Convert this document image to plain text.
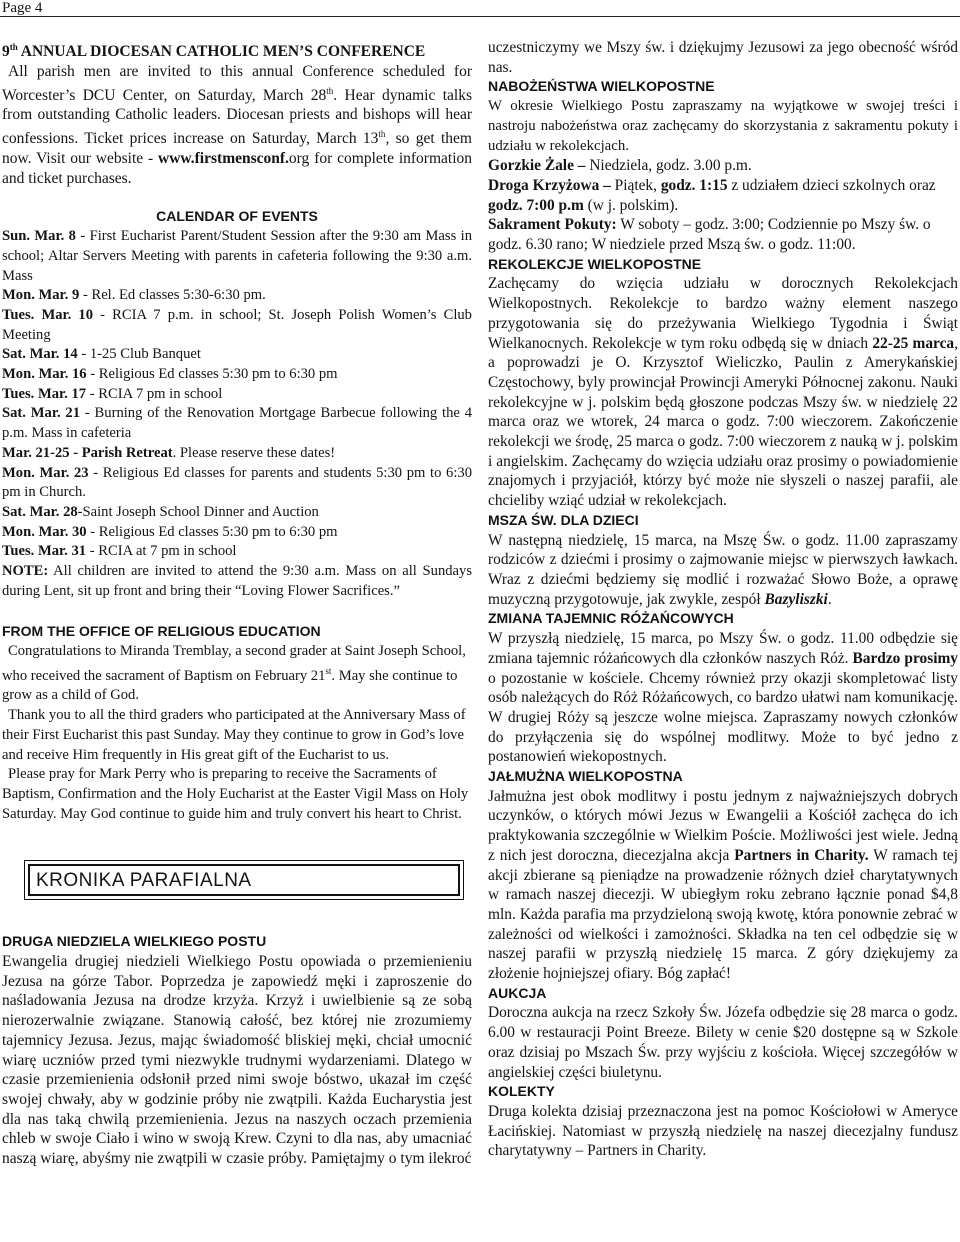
Page 4

9th ANNUAL DIOCESAN CATHOLIC MEN’S CONFERENCE

All parish men are invited to this annual Conference scheduled for Worcester’s DCU Center, on Saturday, March 28th. Hear dynamic talks from outstanding Catholic leaders. Diocesan priests and bishops will hear confessions. Ticket prices increase on Saturday, March 13th, so get them now. Visit our website - www.firstmensconf.org for complete information and ticket purchases.

CALENDAR OF EVENTS

Sun. Mar. 8 - First Eucharist Parent/Student Session after the 9:30 am Mass in school; Altar Servers Meeting with parents in cafeteria following the 9:30 a.m. Mass

Mon. Mar. 9 - Rel. Ed classes 5:30-6:30 pm.

Tues. Mar. 10 - RCIA 7 p.m. in school; St. Joseph Polish Women’s Club Meeting

Sat. Mar. 14 - 1-25 Club Banquet

Mon. Mar. 16 - Religious Ed classes 5:30 pm to 6:30 pm

Tues. Mar. 17 - RCIA 7 pm in school

Sat. Mar. 21 - Burning of the Renovation Mortgage Barbecue following the 4 p.m. Mass in cafeteria

Mar. 21-25 - Parish Retreat. Please reserve these dates!

Mon. Mar. 23 - Religious Ed classes for parents and students 5:30 pm to 6:30 pm in Church.

Sat. Mar. 28-Saint Joseph School Dinner and Auction

Mon. Mar. 30 - Religious Ed classes 5:30 pm to 6:30 pm

Tues. Mar. 31 - RCIA at 7 pm in school

NOTE: All children are invited to attend the 9:30 a.m. Mass on all Sundays during Lent, sit up front and bring their “Loving Flower Sacrifices.”

FROM THE OFFICE OF RELIGIOUS EDUCATION

Congratulations to Miranda Tremblay, a second grader at Saint Joseph School, who received the sacrament of Baptism on February 21st. May she continue to grow as a child of God.

Thank you to all the third graders who participated at the Anniversary Mass of their First Eucharist this past Sunday. May they continue to grow in God’s love and receive Him frequently in His great gift of the Eucharist to us.

Please pray for Mark Perry who is preparing to receive the Sacraments of Baptism, Confirmation and the Holy Eucharist at the Easter Vigil Mass on Holy Saturday. May God continue to guide him and truly convert his heart to Christ.

KRONIKA PARAFIALNA

DRUGA NIEDZIELA WIELKIEGO POSTU

Ewangelia drugiej niedzieli Wielkiego Postu opowiada o przemienieniu Jezusa na górze Tabor. Poprzedza je zapowiedź męki i zaproszenie do naśladowania Jezusa na drodze krzyża. Krzyż i uwielbienie są ze sobą nierozerwalnie związane. Stanowią całość, bez której nie zrozumiemy tajemnicy Jezusa. Jezus, mając świadomość bliskiej męki, chciał umocnić wiarę uczniów przed tymi niezwykle trudnymi wydarzeniami. Dlatego w czasie przemienienia odsłonił przed nimi swoje bóstwo, ukazał im część swojej chwały, aby w godzinie próby nie zwątpili. Każda Eucharystia jest dla nas taką chwilą przemienienia. Jezus na naszych oczach przemienia chleb w swoje Ciało i wino w swoją Krew. Czyni to dla nas, aby umacniać naszą wiarę, abyśmy nie zwątpili w czasie próby. Pamiętajmy o tym ilekroć

uczestniczymy we Mszy św. i dziękujmy Jezusowi za jego obecność wśród nas.

NABOŻEŃSTWA WIELKOPOSTNE

W okresie Wielkiego Postu zapraszamy na wyjątkowe w swojej treści i nastroju nabożeństwa oraz zachęcamy do skorzystania z sakramentu pokuty i udziału w rekolekcjach.

Gorzkie Żale – Niedziela, godz. 3.00 p.m.

Droga Krzyżowa – Piątek, godz. 1:15 z udziałem dzieci szkolnych oraz godz. 7:00 p.m (w j. polskim).

Sakrament Pokuty: W soboty – godz. 3:00; Codziennie po Mszy św. o godz. 6.30 rano; W niedziele przed Mszą św. o godz. 11:00.

REKOLEKCJE WIELKOPOSTNE

Zachęcamy do wzięcia udziału w dorocznych Rekolekcjach Wielkopostnych. Rekolekcje to bardzo ważny element naszego przygotowania się do przeżywania Wielkiego Tygodnia i Świąt Wielkanocnych. Rekolekcje w tym roku odbędą się w dniach 22-25 marca, a poprowadzi je O. Krzysztof Wieliczko, Paulin z Amerykańskiej Częstochowy, byly prowincjał Prowincji Ameryki Północnej zakonu. Nauki rekolekcyjne w j. polskim będą głoszone podczas Mszy św. w niedzielę 22 marca oraz we wtorek, 24 marca o godz. 7:00 wieczorem. Zakończenie rekolekcji we środę, 25 marca o godz. 7:00 wieczorem z nauką w j. polskim i angielskim. Zachęcamy do wzięcia udziału oraz prosimy o powiadomienie znajomych i przyjaciół, którzy być może nie słyszeli o naszej parafii, ale chcieliby wziąć udział w rekolekcjach.

MSZA ŚW. DLA DZIECI

W następną niedzielę, 15 marca, na Mszę Św. o godz. 11.00 zapraszamy rodziców z dziećmi i prosimy o zajmowanie miejsc w pierwszych ławkach. Wraz z dziećmi będziemy się modlić i rozważać Słowo Boże, a oprawę muzyczną przygotowuje, jak zwykle, zespół Bazyliszki.

ZMIANA TAJEMNIC RÓŻAŃCOWYCH

W przyszłą niedzielę, 15 marca, po Mszy Św. o godz. 11.00 odbędzie się zmiana tajemnic różańcowych dla członków naszych Róż. Bardzo prosimy o pozostanie w kościele. Chcemy również przy okazji skompletować listy osób należących do Róż Różańcowych, co bardzo ułatwi nam komunikację. W drugiej Róży są jeszcze wolne miejsca. Zapraszamy nowych członków do przyłączenia się do wspólnej modlitwy. Może to być jedno z postanowień wiekopostnych.

JAŁMUŻNA WIELKOPOSTNA

Jałmużna jest obok modlitwy i postu jednym z najważniejszych dobrych uczynków, o których mówi Jezus w Ewangelii a Kościół zachęca do ich praktykowania szczególnie w Wielkim Poście. Możliwości jest wiele. Jedną z nich jest doroczna, diecezjalna akcja Partners in Charity. W ramach tej akcji zbierane są pieniądze na prowadzenie różnych dzieł charytatywnych w ramach naszej diecezji. W ubiegłym roku zebrano łącznie ponad $4,8 mln. Każda parafia ma przydzieloną swoją kwotę, która ponownie zebrać w zależności od wielkości i zamożności. Składka na ten cel odbędzie się w naszej parafii w przyszłą niedzielę 15 marca. Z góry dziękujemy za złożenie hojniejszej ofiary. Bóg zapłać!

AUKCJA

Doroczna aukcja na rzecz Szkoły Św. Józefa odbędzie się 28 marca o godz. 6.00 w restauracji Point Breeze. Bilety w cenie $20 dostępne są w Szkole oraz dzisiaj po Mszach Św. przy wyjściu z kościoła. Więcej szczegółów w angielskiej części biuletynu.

KOLEKTY

Druga kolekta dzisiaj przeznaczona jest na pomoc Kościołowi w Ameryce Łacińskiej. Natomiast w przyszłą niedzielę na naszej diecezjalny fundusz charytatywny – Partners in Charity.
